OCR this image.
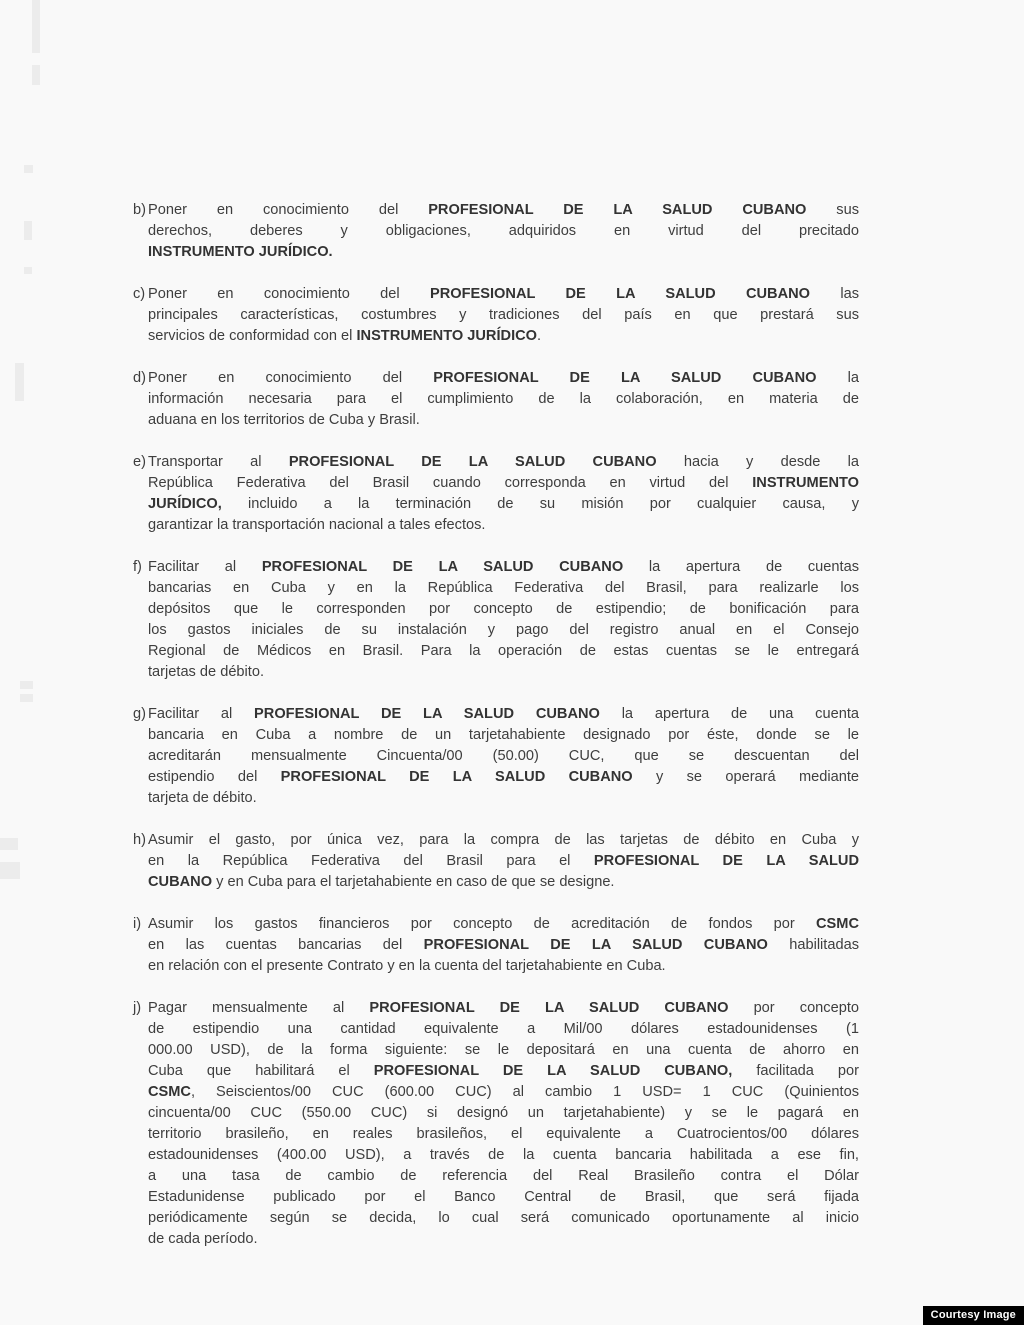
b) Poner en conocimiento del PROFESIONAL DE LA SALUD CUBANO sus
derechos, deberes y obligaciones, adquiridos en virtud del precitado
INSTRUMENTO JURÍDICO.
c) Poner en conocimiento del PROFESIONAL DE LA SALUD CUBANO las
principales características, costumbres y tradiciones del país en que prestará sus
servicios de conformidad con el INSTRUMENTO JURÍDICO.
d) Poner en conocimiento del PROFESIONAL DE LA SALUD CUBANO la
información necesaria para el cumplimiento de la colaboración, en materia de
aduana en los territorios de Cuba y Brasil.
e) Transportar al PROFESIONAL DE LA SALUD CUBANO hacia y desde la
República Federativa del Brasil cuando corresponda en virtud del INSTRUMENTO
JURÍDICO, incluido a la terminación de su misión por cualquier causa, y
garantizar la transportación nacional a tales efectos.
f) Facilitar al PROFESIONAL DE LA SALUD CUBANO la apertura de cuentas
bancarias en Cuba y en la República Federativa del Brasil, para realizarle los
depósitos que le corresponden por concepto de estipendio; de bonificación para
los gastos iniciales de su instalación y pago del registro anual en el Consejo
Regional de Médicos en Brasil. Para la operación de estas cuentas se le entregará
tarjetas de débito.
g) Facilitar al PROFESIONAL DE LA SALUD CUBANO la apertura de una cuenta
bancaria en Cuba a nombre de un tarjetahabiente designado por éste, donde se le
acreditarán mensualmente Cincuenta/00 (50.00) CUC, que se descuentan del
estipendio del PROFESIONAL DE LA SALUD CUBANO y se operará mediante
tarjeta de débito.
h) Asumir el gasto, por única vez, para la compra de las tarjetas de débito en Cuba y
en la República Federativa del Brasil para el PROFESIONAL DE LA SALUD
CUBANO y en Cuba para el tarjetahabiente en caso de que se designe.
i) Asumir los gastos financieros por concepto de acreditación de fondos por CSMC
en las cuentas bancarias del PROFESIONAL DE LA SALUD CUBANO habilitadas
en relación con el presente Contrato y en la cuenta del tarjetahabiente en Cuba.
j) Pagar mensualmente al PROFESIONAL DE LA SALUD CUBANO por concepto
de estipendio una cantidad equivalente a Mil/00 dólares estadounidenses (1
000.00 USD), de la forma siguiente: se le depositará en una cuenta de ahorro en
Cuba que habilitará el PROFESIONAL DE LA SALUD CUBANO, facilitada por
CSMC, Seiscientos/00 CUC (600.00 CUC) al cambio 1 USD= 1 CUC (Quinientos
cincuenta/00 CUC (550.00 CUC) si designó un tarjetahabiente) y se le pagará en
territorio brasileño, en reales brasileños, el equivalente a Cuatrocientos/00 dólares
estadounidenses (400.00 USD), a través de la cuenta bancaria habilitada a ese fin,
a una tasa de cambio de referencia del Real Brasileño contra el Dólar
Estadunidense publicado por el Banco Central de Brasil, que será fijada
periódicamente según se decida, lo cual será comunicado oportunamente al inicio
de cada período.
Courtesy Image
